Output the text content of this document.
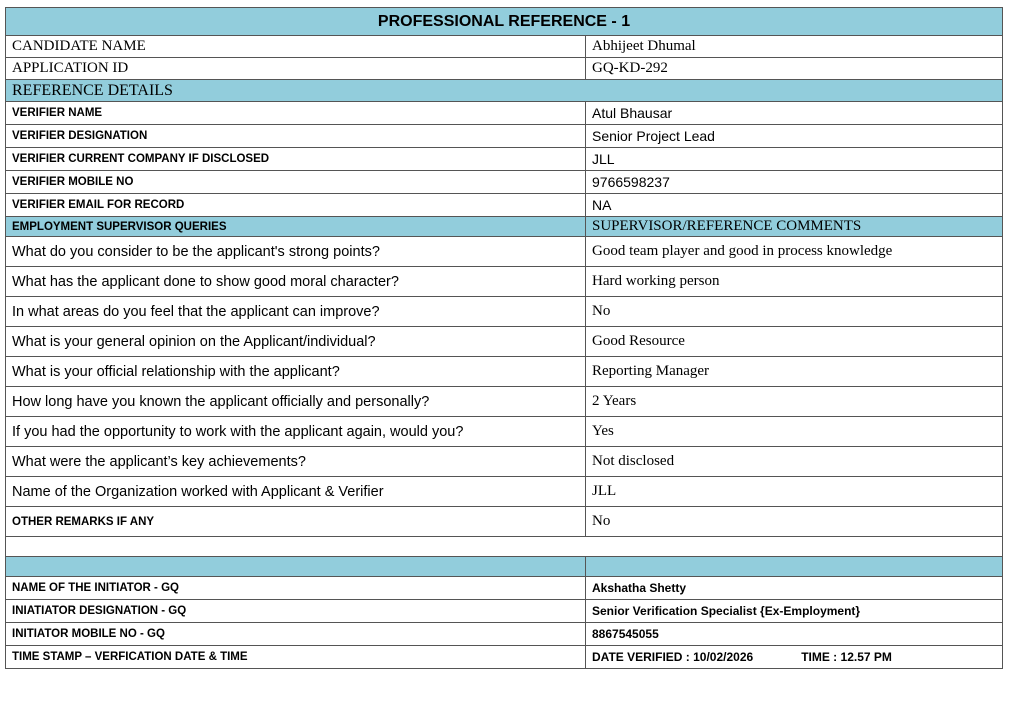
PROFESSIONAL REFERENCE - 1	
CANDIDATE NAME	Abhijeet Dhumal
APPLICATION ID	GQ-KD-292
REFERENCE DETAILS	
VERIFIER NAME	Atul Bhausar
VERIFIER DESIGNATION	Senior Project Lead
VERIFIER CURRENT COMPANY IF DISCLOSED	JLL
VERIFIER MOBILE NO	9766598237
VERIFIER EMAIL FOR RECORD	NA
EMPLOYMENT SUPERVISOR QUERIES	SUPERVISOR/REFERENCE COMMENTS
What do you consider to be the applicant's strong points?	Good team player and good in process knowledge
What has the applicant done to show good moral character?	Hard working person
In what areas do you feel that the applicant can improve?	No
What is your general opinion on the Applicant/individual?	Good Resource
What is your official relationship with the applicant?	Reporting Manager
How long have you known the applicant officially and personally?	2 Years
If you had the opportunity to work with the applicant again, would you?	Yes
What were the applicant’s key achievements?	Not disclosed
Name of the Organization worked with Applicant & Verifier	JLL
OTHER REMARKS IF ANY	No

NAME OF THE INITIATOR - GQ	Akshatha Shetty
INIATIATOR DESIGNATION - GQ	Senior Verification Specialist {Ex-Employment}
INITIATOR MOBILE NO - GQ	8867545055
TIME STAMP – VERFICATION DATE & TIME	DATE VERIFIED : 10/02/2026 TIME : 12.57 PM
